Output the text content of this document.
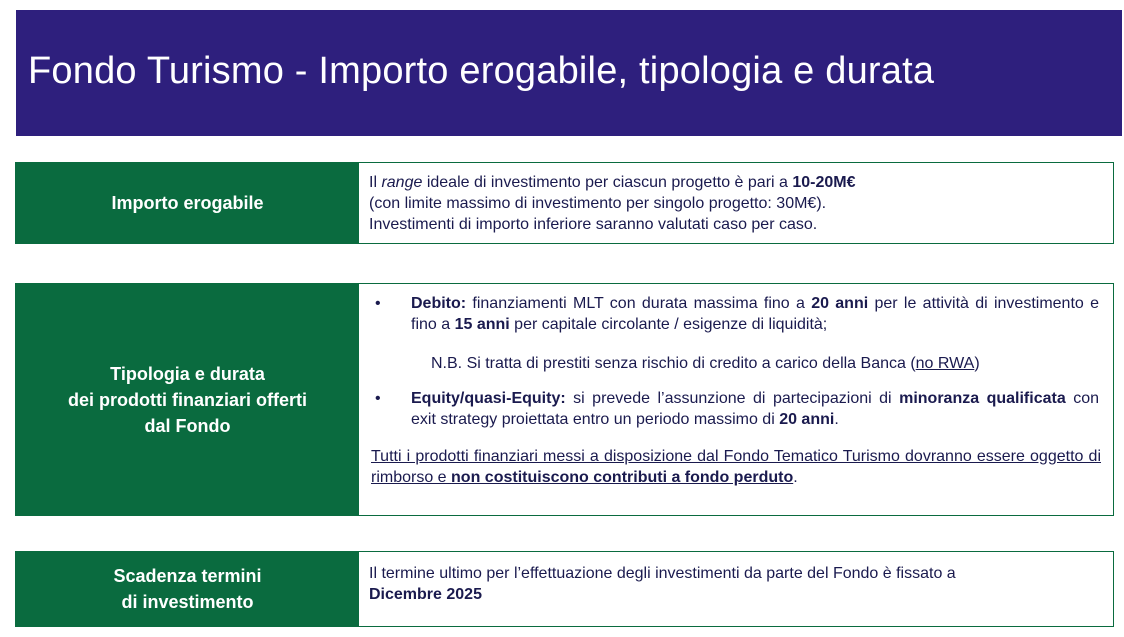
Fondo Turismo - Importo erogabile, tipologia e durata
Importo erogabile
Il range ideale di investimento per ciascun progetto è pari a 10-20M€
(con limite massimo di investimento per singolo progetto: 30M€).
Investimenti di importo inferiore saranno valutati caso per caso.
Tipologia e durata
dei prodotti finanziari offerti
dal Fondo
• Debito: finanziamenti MLT con durata massima fino a 20 anni per le attività di investimento e fino a 15 anni per capitale circolante / esigenze di liquidità;
N.B. Si tratta di prestiti senza rischio di credito a carico della Banca (no RWA)
• Equity/quasi-Equity: si prevede l’assunzione di partecipazioni di minoranza qualificata con exit strategy proiettata entro un periodo massimo di 20 anni.
Tutti i prodotti finanziari messi a disposizione dal Fondo Tematico Turismo dovranno essere oggetto di rimborso e non costituiscono contributi a fondo perduto.
Scadenza termini
di investimento
Il termine ultimo per l’effettuazione degli investimenti da parte del Fondo è fissato a
Dicembre 2025
